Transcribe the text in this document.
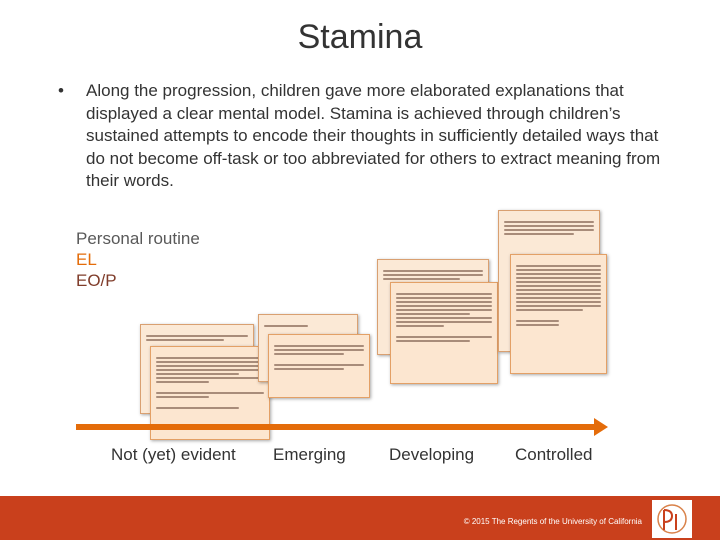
Stamina
• Along the progression, children gave more elaborated explanations that displayed a clear mental model. Stamina is achieved through children’s sustained attempts to encode their thoughts in sufficiently detailed ways that do not become off-task or too abbreviated for others to extract meaning from their words.
Personal routine
EL
EO/P

Not (yet) evident Emerging	Developing Controlled
© 2015 The Regents of the University of California
